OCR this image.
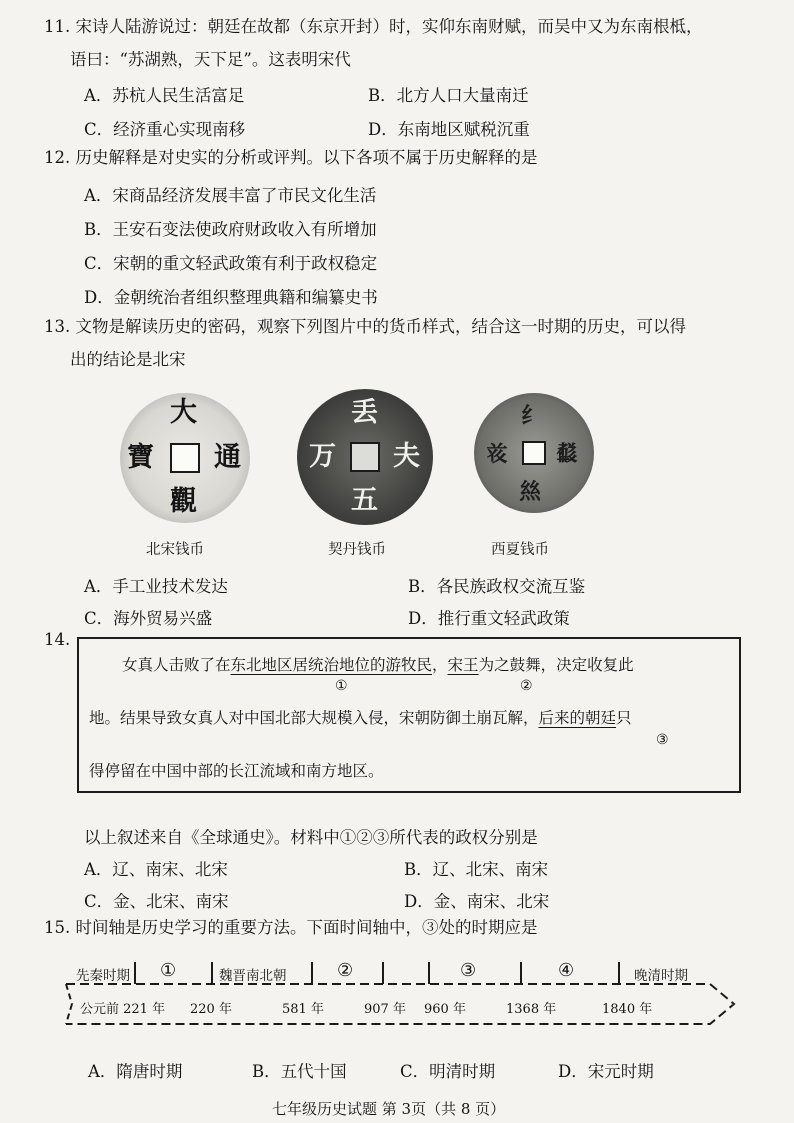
11. 宋诗人陆游说过：朝廷在故都（东京开封）时，实仰东南财赋，而吴中又为东南根柢，
语曰：“苏湖熟，天下足”。这表明宋代
A．苏杭人民生活富足	B．北方人口大量南迁
C．经济重心实现南移	D．东南地区赋税沉重
12. 历史解释是对史实的分析或评判。以下各项不属于历史解释的是
A．宋商品经济发展丰富了市民文化生活
B．王安石变法使政府财政收入有所增加
C．宋朝的重文轻武政策有利于政权稳定
D．金朝统治者组织整理典籍和编纂史书
13. 文物是解读历史的密码，观察下列图片中的货币样式，结合这一时期的历史，可以得
出的结论是北宋
大
觀
寶 通
北宋钱币
丢
五
万 夫
契丹钱币
纟
𢇁
𘝞 𘝢
西夏钱币
A．手工业技术发达	B．各民族政权交流互鉴
C．海外贸易兴盛	D．推行重文轻武政策
14.
女真人击败了在东北地区居统治地位的游牧民，宋王为之鼓舞，决定收复此
①	②
地。结果导致女真人对中国北部大规模入侵，宋朝防御土崩瓦解，后来的朝廷只
③
得停留在中国中部的长江流域和南方地区。
以上叙述来自《全球通史》。材料中①②③所代表的政权分别是
A．辽、南宋、北宋	B．辽、北宋、南宋
C．金、北宋、南宋	D．金、南宋、北宋
15. 时间轴是历史学习的重要方法。下面时间轴中，③处的时期应是
先秦时期 ①	魏晋南北朝	②	③	④	晚清时期
公元前 221 年 220 年	581 年	907 年 960 年	1368 年	1840 年
A．隋唐时期	B．五代十国	C．明清时期	D．宋元时期
七年级历史试题 第 3页（共 8 页）
